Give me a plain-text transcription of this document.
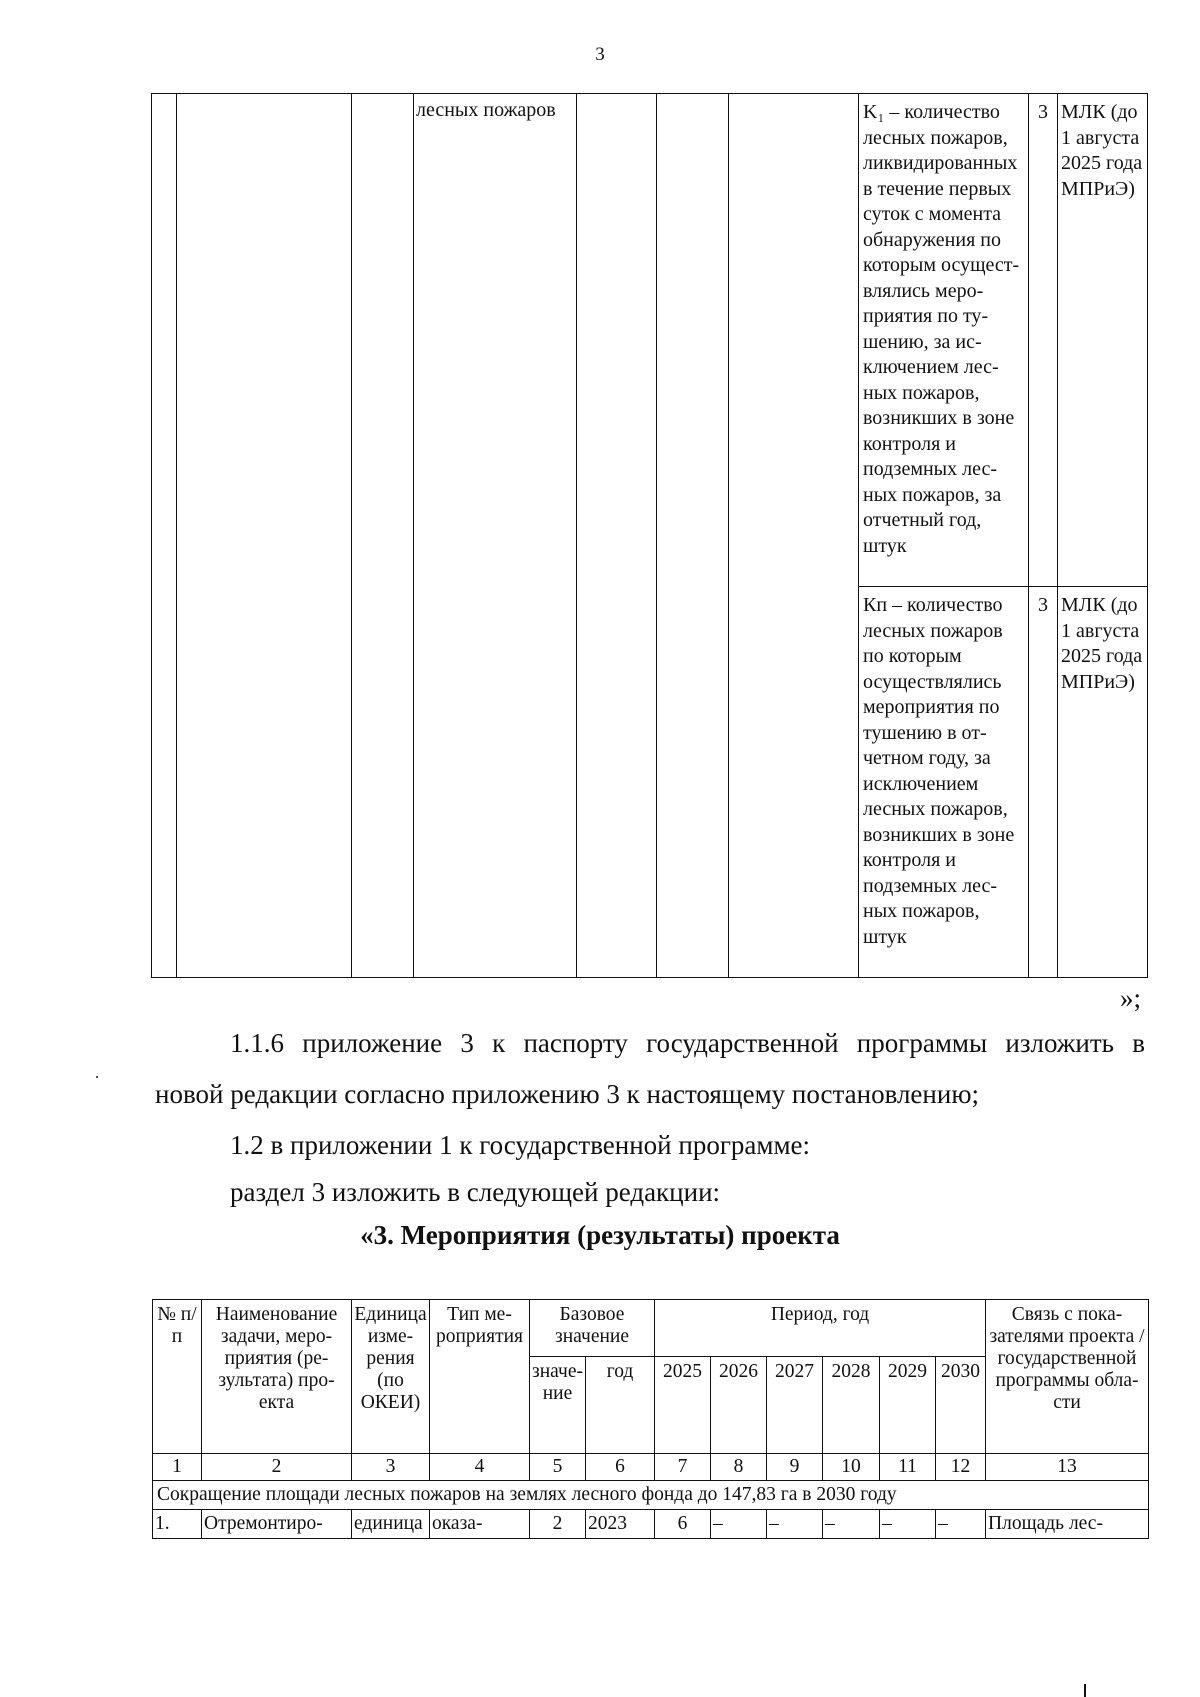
3
			лесных пожаров				K₁ – количество лесных пожаров, ликвидированных в течение первых суток с момента обнаружения по которым осуществлялись мероприятия по тушению, за исключением лесных пожаров, возникших в зоне контроля и подземных лесных пожаров, за отчетный год, штук	3	МЛК (до 1 августа 2025 года МПРиЭ)
							Кп – количество лесных пожаров по которым осуществлялись мероприятия по тушению в отчетном году, за исключением лесных пожаров, возникших в зоне контроля и подземных лесных пожаров, штук	3	МЛК (до 1 августа 2025 года МПРиЭ)
»;
1.1.6 приложение 3 к паспорту государственной программы изложить в
новой редакции согласно приложению 3 к настоящему постановлению;
1.2 в приложении 1 к государственной программе:
раздел 3 изложить в следующей редакции:
«3. Мероприятия (результаты) проекта
№ п/п	Наименование задачи, мероприятия (результата) проекта	Единица измерения (по ОКЕИ)	Тип мероприятия	Базовое значение		Период, год						Связь с показателями проекта / государственной программы области
				значение	год	2025	2026	2027	2028	2029	2030	
1	2	3	4	5	6	7	8	9	10	11	12	13
Сокращение площади лесных пожаров на землях лесного фонда до 147,83 га в 2030 году												
1.	Отремонтиро-	единица	оказа-	2	2023	6	–	–	–	–	–	Площадь лес-
